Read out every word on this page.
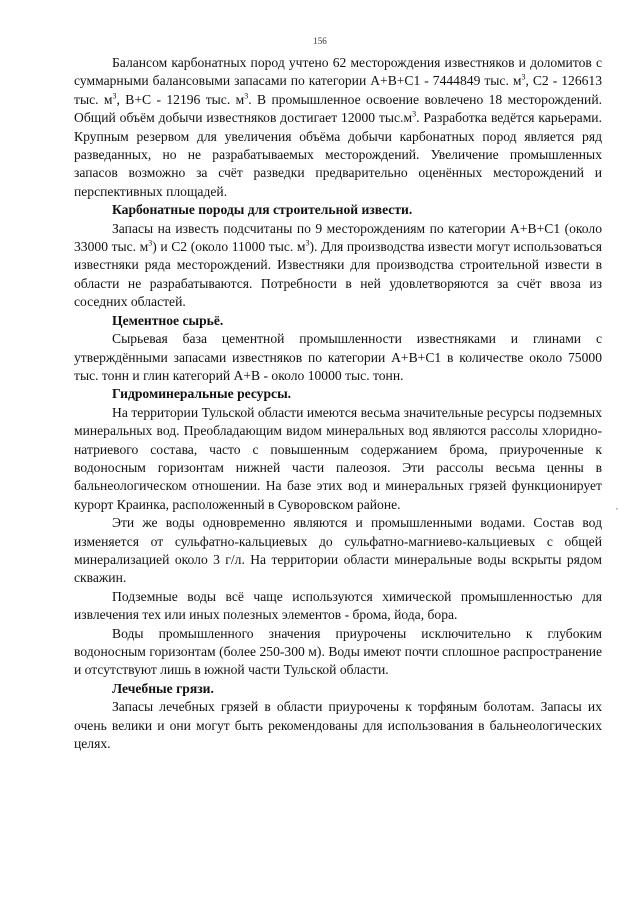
156

Балансом карбонатных пород учтено 62 месторождения известняков и доломитов с суммарными балансовыми запасами по категории А+В+С1 - 7444849 тыс. $м^3$, С2 - 126613 тыс. $м^3$, В+С - 12196 тыс. $м^3$. В промышленное освоение вовлечено 18 месторождений. Общий объём добычи известняков достигает 12000 $тыс.м^3$. Разработка ведётся карьерами. Крупным резервом для увеличения объёма добычи карбонатных пород является ряд разведанных, но не разрабатываемых месторождений. Увеличение промышленных запасов возможно за счёт разведки предварительно оценённых месторождений и перспективных площадей.

Карбонатные породы для строительной извести.

Запасы на известь подсчитаны по 9 месторождениям по категории А+В+С1 (около 33000 тыс. $м^3$) и С2 (около 11000 тыс. $м^3$). Для производства извести могут использоваться известняки ряда месторождений. Известняки для производства строительной извести в области не разрабатываются. Потребности в ней удовлетворяются за счёт ввоза из соседних областей.

Цементное сырьё.

Сырьевая база цементной промышленности известняками и глинами с утверждёнными запасами известняков по категории А+В+С1 в количестве около 75000 тыс. тонн и глин категорий А+В - около 10000 тыс. тонн.

Гидроминеральные ресурсы.

На территории Тульской области имеются весьма значительные ресурсы подземных минеральных вод. Преобладающим видом минеральных вод являются рассолы хлоридно-натриевого состава, часто с повышенным содержанием брома, приуроченные к водоносным горизонтам нижней части палеозоя. Эти рассолы весьма ценны в бальнеологическом отношении. На базе этих вод и минеральных грязей функционирует курорт Краинка, расположенный в Суворовском районе.

Эти же воды одновременно являются и промышленными водами. Состав вод изменяется от сульфатно-кальциевых до сульфатно-магниево-кальциевых с общей минерализацией около 3 г/л. На территории области минеральные воды вскрыты рядом скважин.

Подземные воды всё чаще используются химической промышленностью для извлечения тех или иных полезных элементов - брома, йода, бора.

Воды промышленного значения приурочены исключительно к глубоким водоносным горизонтам (более 250-300 м). Воды имеют почти сплошное распространение и отсутствуют лишь в южной части Тульской области.

Лечебные грязи.

Запасы лечебных грязей в области приурочены к торфяным болотам. Запасы их очень велики и они могут быть рекомендованы для использования в бальнеологических целях.

,
